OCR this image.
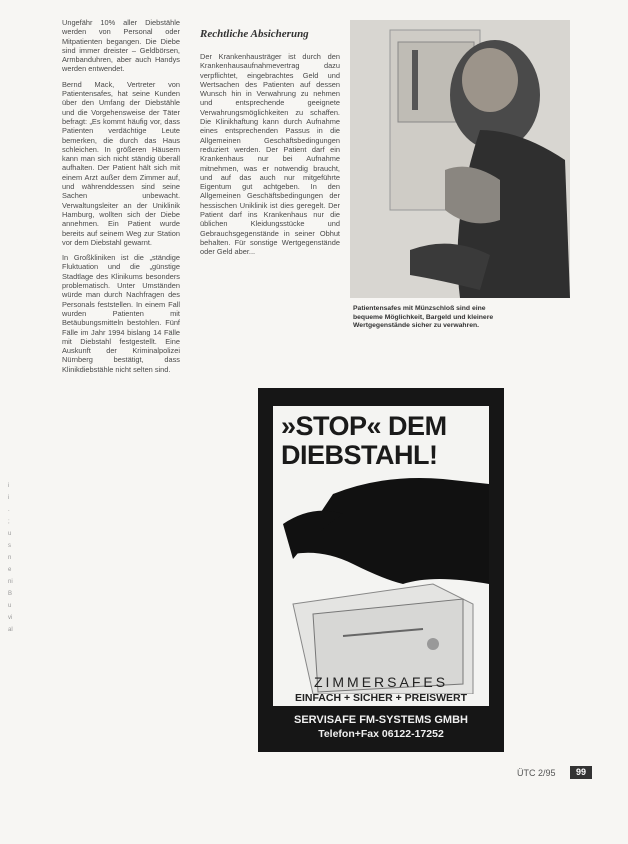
Ungefähr 10% aller Diebstähle werden von Personal oder Mitpatienten begangen. Die Diebe sind immer dreister – Geldbörsen, Armbanduhren, aber auch Handys werden entwendet.

Bernd Mack, Vertreter von Patientensafes, hat seine Kunden über den Umfang der Diebstähle und die Vorgehensweise der Täter befragt: „Es kommt häufig vor, dass Patienten verdächtige Leute bemerken, die durch das Haus schleichen. In größeren Häusern kann man sich nicht ständig überall aufhalten. Der Patient hält sich mit einem Arzt außer dem Zimmer auf, und währenddessen sind seine Sachen unbewacht. Verwaltungsleiter an der Uniklinik Hamburg, wollten sich der Diebe annehmen. Ein Patient wurde bereits auf seinem Weg zur Station vor dem Diebstahl gewarnt.

In Großkliniken ist die „ständige Fluktuation und die „günstige Stadtlage des Klinikums besonders problematisch. Unter Umständen würde man durch Nachfragen des Personals feststellen. In einem Fall wurden Patienten mit Betäubungsmitteln bestohlen. Fünf Fälle im Jahr 1994 bislang 14 Fälle mit Diebstahl festgestellt. Eine Auskunft der Kriminalpolizei Nürnberg bestätigt, dass Klinikdiebstähle nicht selten sind.

i
i
.
;
u
s
n
e
ni
B
u
vi
al
Rechtliche Absicherung

Der Krankenhausträger ist durch den Krankenhausaufnahmevertrag dazu verpflichtet, eingebrachtes Geld und Wertsachen des Patienten auf dessen Wunsch hin in Verwahrung zu nehmen und entsprechende geeignete Verwahrungsmöglichkeiten zu schaffen. Die Klinikhaftung kann durch Aufnahme eines entsprechenden Passus in die Allgemeinen Geschäftsbedingungen reduziert werden. Der Patient darf ein Krankenhaus nur bei Aufnahme mitnehmen, was er notwendig braucht, und auf das auch nur mitgeführte Eigentum gut achtgeben. In den Allgemeinen Geschäftsbedingungen der hessischen Uniklinik ist dies geregelt. Der Patient darf ins Krankenhaus nur die üblichen Kleidungsstücke und Gebrauchsgegenstände in seiner Obhut behalten. Für sonstige Wertgegenstände oder Geld aber...

Patientensafes mit Münzschloß sind eine bequeme Möglichkeit, Bargeld und kleinere Wertgegenstände sicher zu verwahren.
»STOP« DEM
DIEBSTAHL!
ZIMMERSAFES
EINFACH + SICHER + PREISWERT
SERVISAFE FM-SYSTEMS GMBH
Telefon+Fax 06122-17252
ÜTC 2/95	99
